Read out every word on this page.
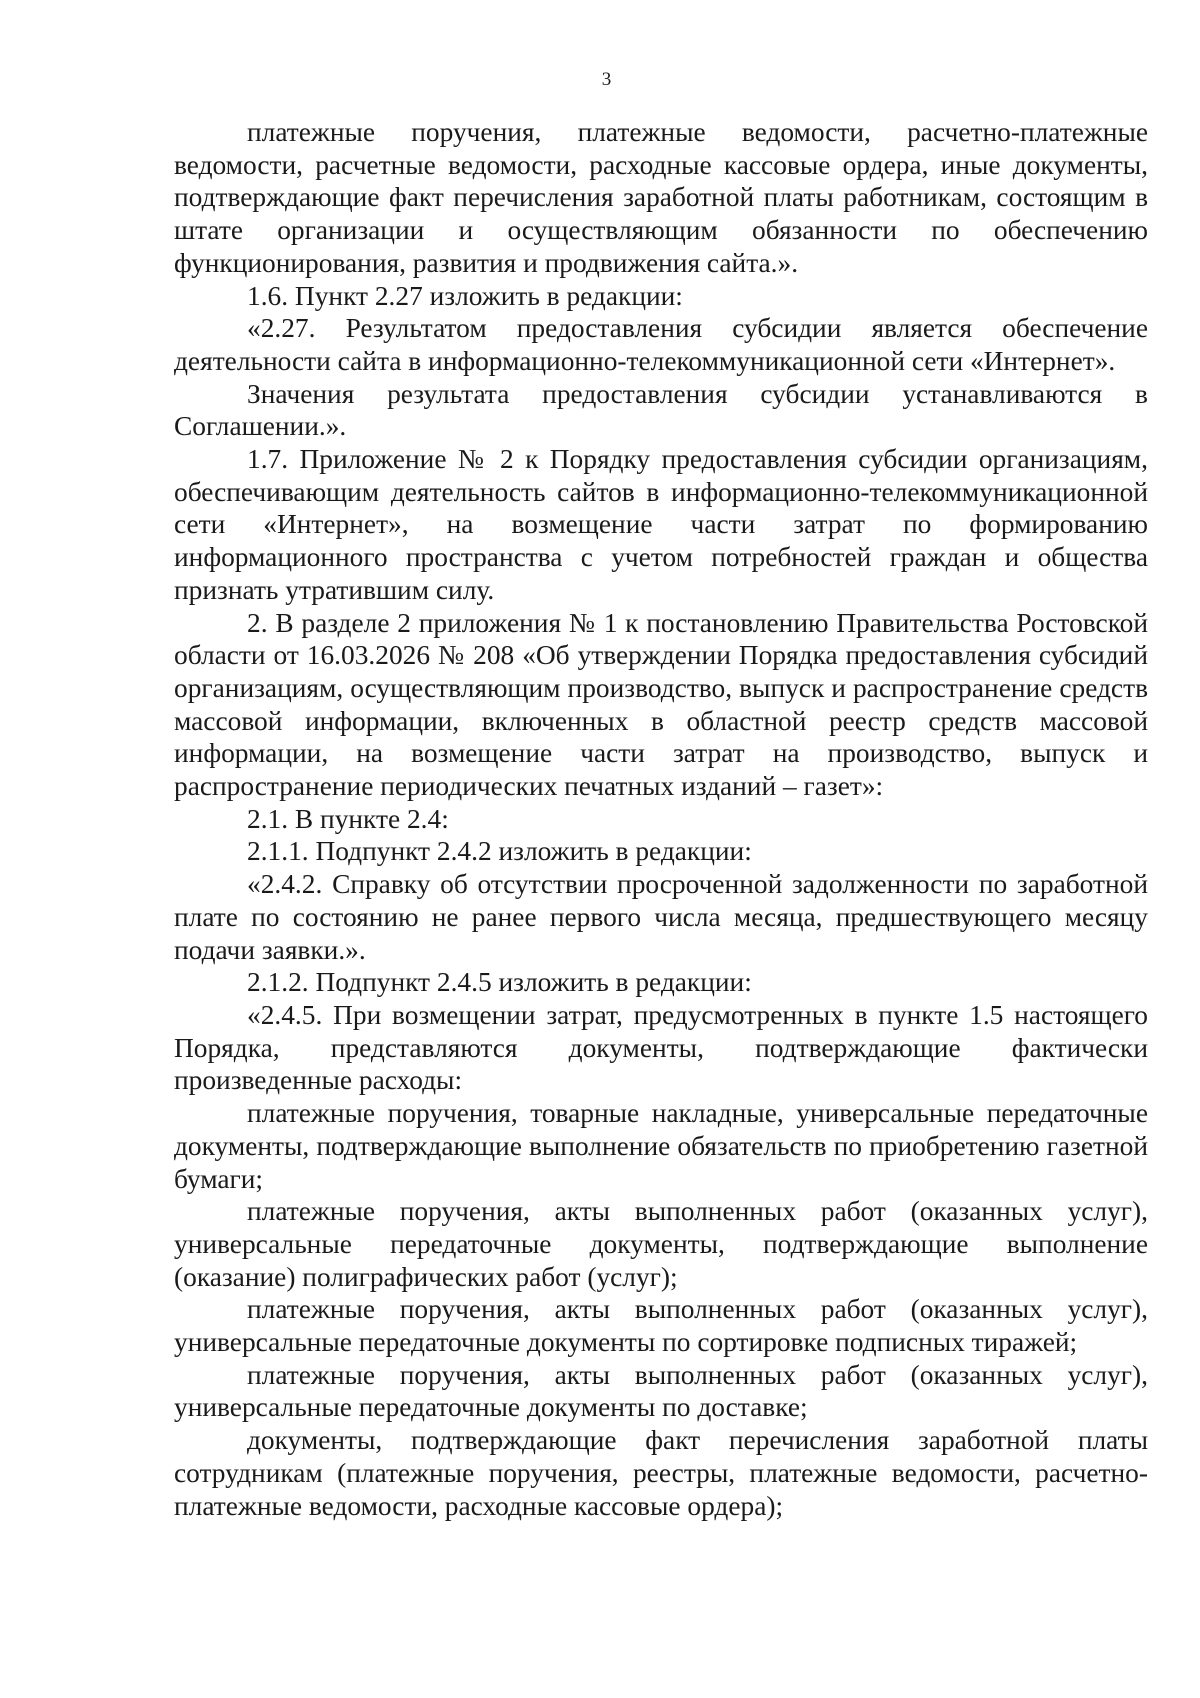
3

платежные поручения, платежные ведомости, расчетно-платежные ведомости, расчетные ведомости, расходные кассовые ордера, иные документы, подтверждающие факт перечисления заработной платы работникам, состоящим в штате организации и осуществляющим обязанности по обеспечению функционирования, развития и продвижения сайта.».

1.6. Пункт 2.27 изложить в редакции:

«2.27. Результатом предоставления субсидии является обеспечение деятельности сайта в информационно-телекоммуникационной сети «Интернет».

Значения результата предоставления субсидии устанавливаются в Соглашении.».

1.7. Приложение № 2 к Порядку предоставления субсидии организациям, обеспечивающим деятельность сайтов в информационно-телекоммуникационной сети «Интернет», на возмещение части затрат по формированию информационного пространства с учетом потребностей граждан и общества признать утратившим силу.

2. В разделе 2 приложения № 1 к постановлению Правительства Ростовской области от 16.03.2026 № 208 «Об утверждении Порядка предоставления субсидий организациям, осуществляющим производство, выпуск и распространение средств массовой информации, включенных в областной реестр средств массовой информации, на возмещение части затрат на производство, выпуск и распространение периодических печатных изданий – газет»:

2.1. В пункте 2.4:

2.1.1. Подпункт 2.4.2 изложить в редакции:

«2.4.2. Справку об отсутствии просроченной задолженности по заработной плате по состоянию не ранее первого числа месяца, предшествующего месяцу подачи заявки.».

2.1.2. Подпункт 2.4.5 изложить в редакции:

«2.4.5. При возмещении затрат, предусмотренных в пункте 1.5 настоящего Порядка, представляются документы, подтверждающие фактически произведенные расходы:

платежные поручения, товарные накладные, универсальные передаточные документы, подтверждающие выполнение обязательств по приобретению газетной бумаги;

платежные поручения, акты выполненных работ (оказанных услуг), универсальные передаточные документы, подтверждающие выполнение (оказание) полиграфических работ (услуг);

платежные поручения, акты выполненных работ (оказанных услуг), универсальные передаточные документы по сортировке подписных тиражей;

платежные поручения, акты выполненных работ (оказанных услуг), универсальные передаточные документы по доставке;

документы, подтверждающие факт перечисления заработной платы сотрудникам (платежные поручения, реестры, платежные ведомости, расчетно-платежные ведомости, расходные кассовые ордера);
